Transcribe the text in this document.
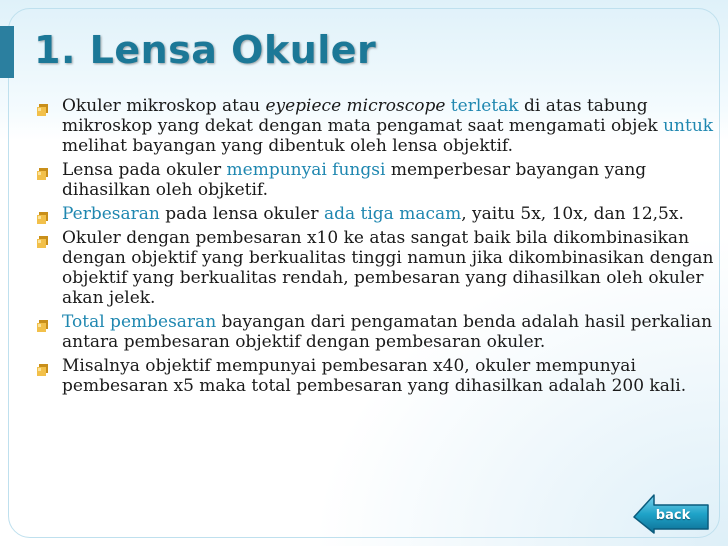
1. Lensa Okuler
Okuler mikroskop atau eyepiece microscope terletak di atas tabung mikroskop yang dekat dengan mata pengamat saat mengamati objek untuk melihat bayangan yang dibentuk oleh lensa objektif.
Lensa pada okuler mempunyai fungsi memperbesar bayangan yang dihasilkan oleh objketif.
Perbesaran pada lensa okuler ada tiga macam, yaitu 5x, 10x, dan 12,5x.
Okuler dengan pembesaran x10 ke atas sangat baik bila dikombinasikan dengan objektif yang berkualitas tinggi namun jika dikombinasikan dengan objektif yang berkualitas rendah, pembesaran yang dihasilkan oleh okuler akan jelek.
Total pembesaran bayangan dari pengamatan benda adalah hasil perkalian antara pembesaran objektif dengan pembesaran okuler.
Misalnya objektif mempunyai pembesaran x40, okuler mempunyai pembesaran x5 maka total pembesaran yang dihasilkan adalah 200 kali.
back
